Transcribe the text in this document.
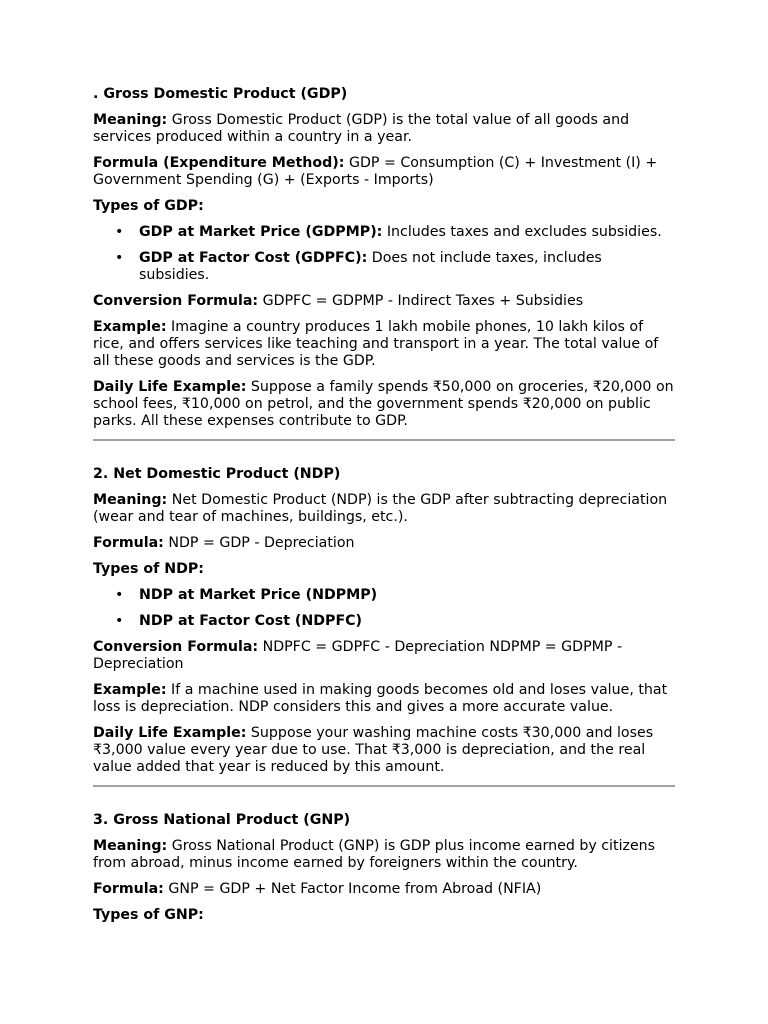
. Gross Domestic Product (GDP)

Meaning: Gross Domestic Product (GDP) is the total value of all goods and services produced within a country in a year.

Formula (Expenditure Method): GDP = Consumption (C) + Investment (I) + Government Spending (G) + (Exports - Imports)

Types of GDP:

• GDP at Market Price (GDPMP): Includes taxes and excludes subsidies.
• GDP at Factor Cost (GDPFC): Does not include taxes, includes subsidies.

Conversion Formula: GDPFC = GDPMP - Indirect Taxes + Subsidies

Example: Imagine a country produces 1 lakh mobile phones, 10 lakh kilos of rice, and offers services like teaching and transport in a year. The total value of all these goods and services is the GDP.

Daily Life Example: Suppose a family spends ₹50,000 on groceries, ₹20,000 on school fees, ₹10,000 on petrol, and the government spends ₹20,000 on public parks. All these expenses contribute to GDP.

2. Net Domestic Product (NDP)

Meaning: Net Domestic Product (NDP) is the GDP after subtracting depreciation (wear and tear of machines, buildings, etc.).

Formula: NDP = GDP - Depreciation

Types of NDP:

• NDP at Market Price (NDPMP)
• NDP at Factor Cost (NDPFC)

Conversion Formula: NDPFC = GDPFC - Depreciation NDPMP = GDPMP - Depreciation

Example: If a machine used in making goods becomes old and loses value, that loss is depreciation. NDP considers this and gives a more accurate value.

Daily Life Example: Suppose your washing machine costs ₹30,000 and loses ₹3,000 value every year due to use. That ₹3,000 is depreciation, and the real value added that year is reduced by this amount.

3. Gross National Product (GNP)

Meaning: Gross National Product (GNP) is GDP plus income earned by citizens from abroad, minus income earned by foreigners within the country.

Formula: GNP = GDP + Net Factor Income from Abroad (NFIA)

Types of GNP:
